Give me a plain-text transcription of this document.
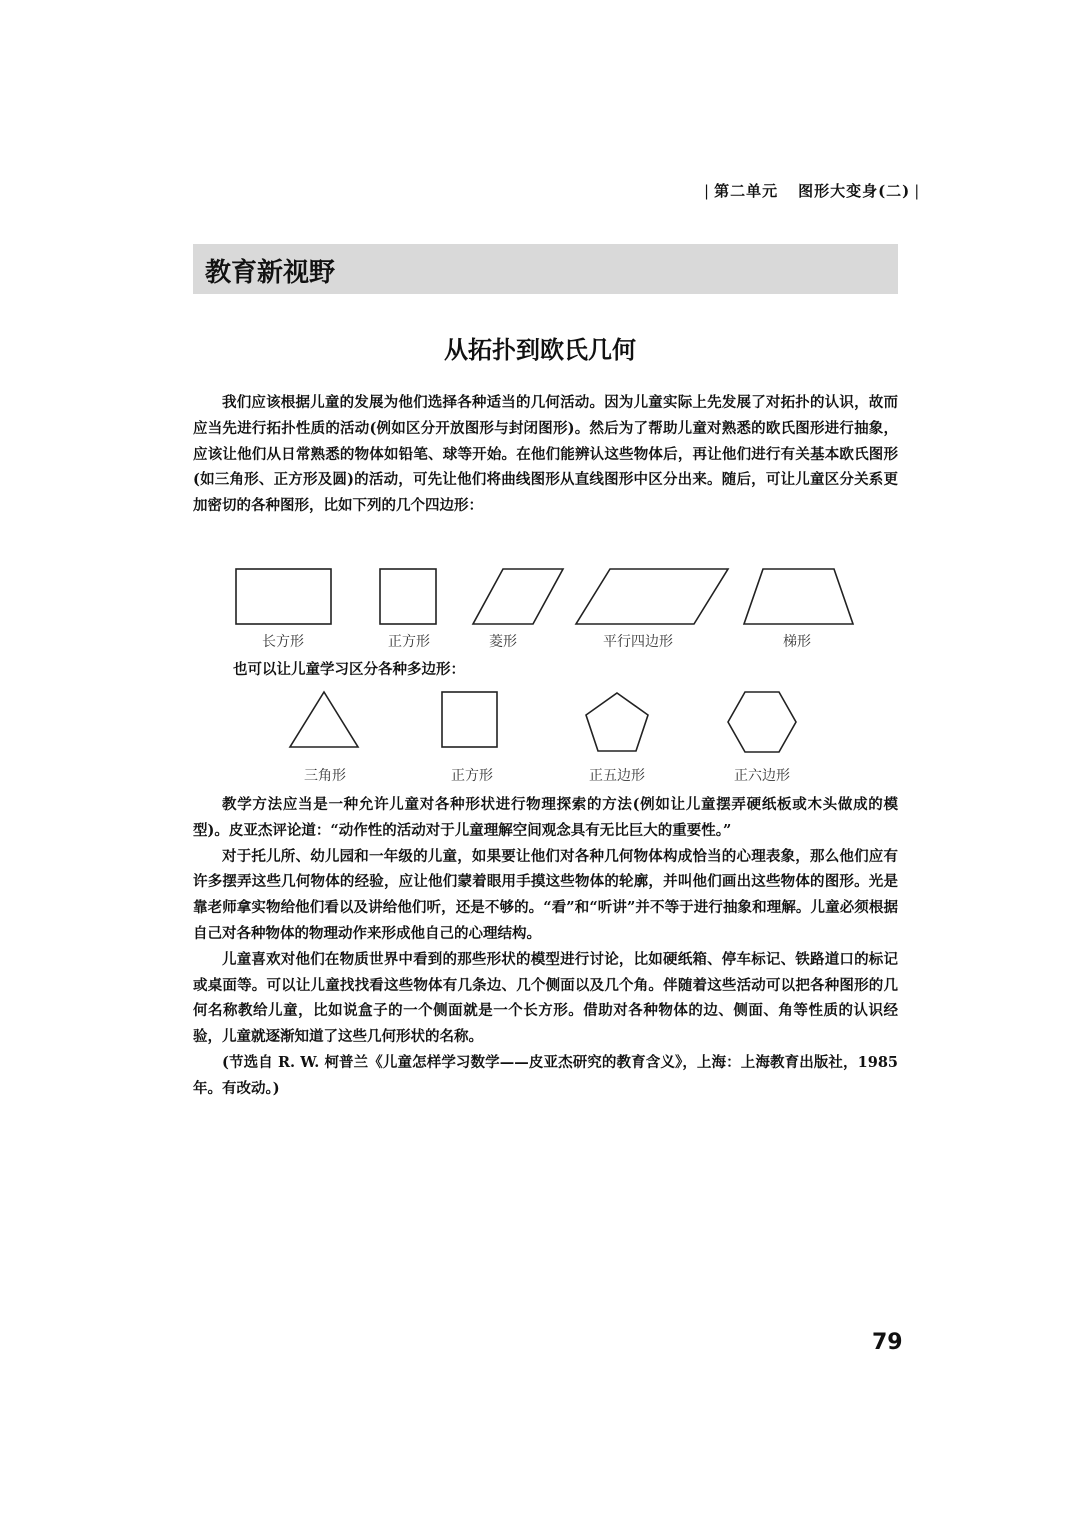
| 第二单元 图形大变身(二) |
教育新视野
从拓扑到欧氏几何

我们应该根据儿童的发展为他们选择各种适当的几何活动。因为儿童实际上先发展了对拓扑的认识，故而应当先进行拓扑性质的活动(例如区分开放图形与封闭图形)。然后为了帮助儿童对熟悉的欧氏图形进行抽象，应该让他们从日常熟悉的物体如铅笔、球等开始。在他们能辨认这些物体后，再让他们进行有关基本欧氏图形(如三角形、正方形及圆)的活动，可先让他们将曲线图形从直线图形中区分出来。随后，可让儿童区分关系更加密切的各种图形，比如下列的几个四边形：

长方形	正方形	菱形	平行四边形	梯形
也可以让儿童学习区分各种多边形：
三角形	正方形	正五边形	正六边形

教学方法应当是一种允许儿童对各种形状进行物理探索的方法(例如让儿童摆弄硬纸板或木头做成的模型)。皮亚杰评论道：“动作性的活动对于儿童理解空间观念具有无比巨大的重要性。”

对于托儿所、幼儿园和一年级的儿童，如果要让他们对各种几何物体构成恰当的心理表象，那么他们应有许多摆弄这些几何物体的经验，应让他们蒙着眼用手摸这些物体的轮廓，并叫他们画出这些物体的图形。光是靠老师拿实物给他们看以及讲给他们听，还是不够的。“看”和“听讲”并不等于进行抽象和理解。儿童必须根据自己对各种物体的物理动作来形成他自己的心理结构。

儿童喜欢对他们在物质世界中看到的那些形状的模型进行讨论，比如硬纸箱、停车标记、铁路道口的标记或桌面等。可以让儿童找找看这些物体有几条边、几个侧面以及几个角。伴随着这些活动可以把各种图形的几何名称教给儿童，比如说盒子的一个侧面就是一个长方形。借助对各种物体的边、侧面、角等性质的认识经验，儿童就逐渐知道了这些几何形状的名称。

(节选自 R. W. 柯普兰《儿童怎样学习数学——皮亚杰研究的教育含义》，上海：上海教育出版社，1985 年。有改动。)

79
